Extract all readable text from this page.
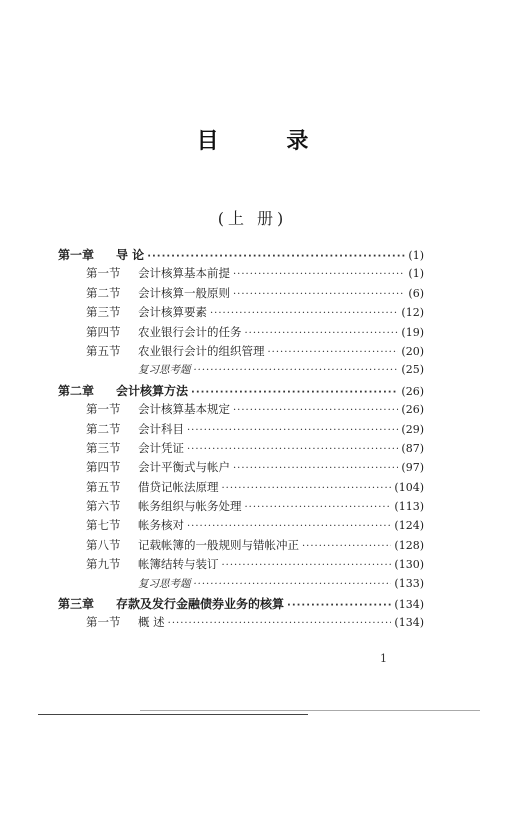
目 录
(上 册)
第一章	导 论 ·····	(1)
第一节	会计核算基本前提 ·····	(1)
第二节	会计核算一般原则 ·····	(6)
第三节	会计核算要素 ·····	(12)
第四节	农业银行会计的任务 ·····	(19)
第五节	农业银行会计的组织管理 ·····	(20)
复习思考题 ·····	(25)
第二章	会计核算方法 ·····	(26)
第一节	会计核算基本规定 ·····	(26)
第二节	会计科目 ·····	(29)
第三节	会计凭证 ·····	(87)
第四节	会计平衡式与帐户 ·····	(97)
第五节	借贷记帐法原理 ·····	(104)
第六节	帐务组织与帐务处理 ·····	(113)
第七节	帐务核对 ·····	(124)
第八节	记载帐簿的一般规则与错帐冲正 ·····	(128)
第九节	帐簿结转与装订 ·····	(130)
复习思考题 ·····	(133)
第三章	存款及发行金融债券业务的核算 ·····	(134)
第一节	概 述 ·····	(134)
1
